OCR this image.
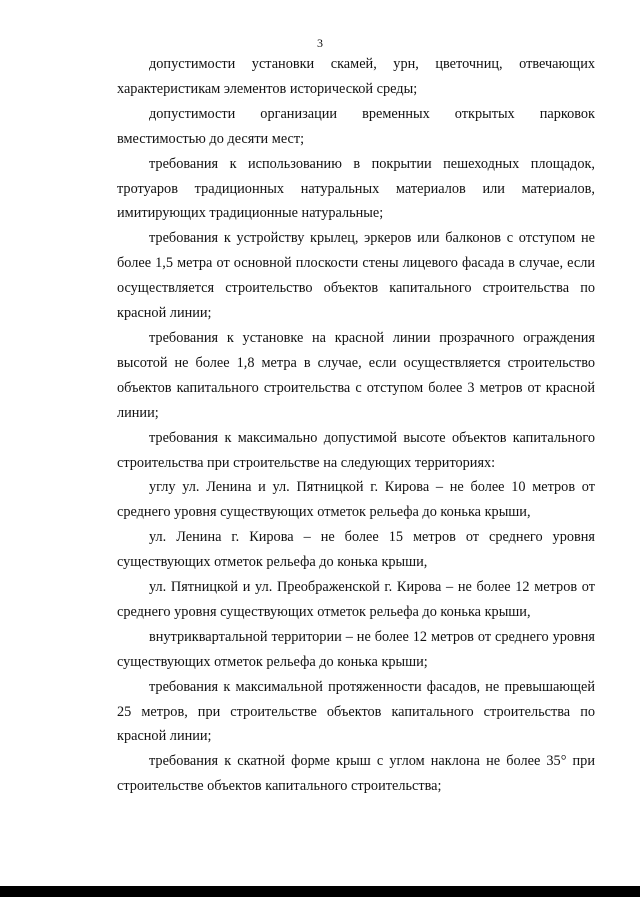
3

допустимости установки скамей, урн, цветочниц, отвечающих характеристикам элементов исторической среды;

допустимости организации временных открытых парковок вместимостью до десяти мест;

требования к использованию в покрытии пешеходных площадок, тротуаров традиционных натуральных материалов или материалов, имитирующих традиционные натуральные;

требования к устройству крылец, эркеров или балконов с отступом не более 1,5 метра от основной плоскости стены лицевого фасада в случае, если осуществляется строительство объектов капитального строительства по красной линии;

требования к установке на красной линии прозрачного ограждения высотой не более 1,8 метра в случае, если осуществляется строительство объектов капитального строительства с отступом более 3 метров от красной линии;

требования к максимально допустимой высоте объектов капитального строительства при строительстве на следующих территориях:

углу ул. Ленина и ул. Пятницкой г. Кирова – не более 10 метров от среднего уровня существующих отметок рельефа до конька крыши,

ул. Ленина г. Кирова – не более 15 метров от среднего уровня существующих отметок рельефа до конька крыши,

ул. Пятницкой и ул. Преображенской г. Кирова – не более 12 метров от среднего уровня существующих отметок рельефа до конька крыши,

внутриквартальной территории – не более 12 метров от среднего уровня существующих отметок рельефа до конька крыши;

требования к максимальной протяженности фасадов, не превышающей 25 метров, при строительстве объектов капитального строительства по красной линии;

требования к скатной форме крыш с углом наклона не более 35° при строительстве объектов капитального строительства;
